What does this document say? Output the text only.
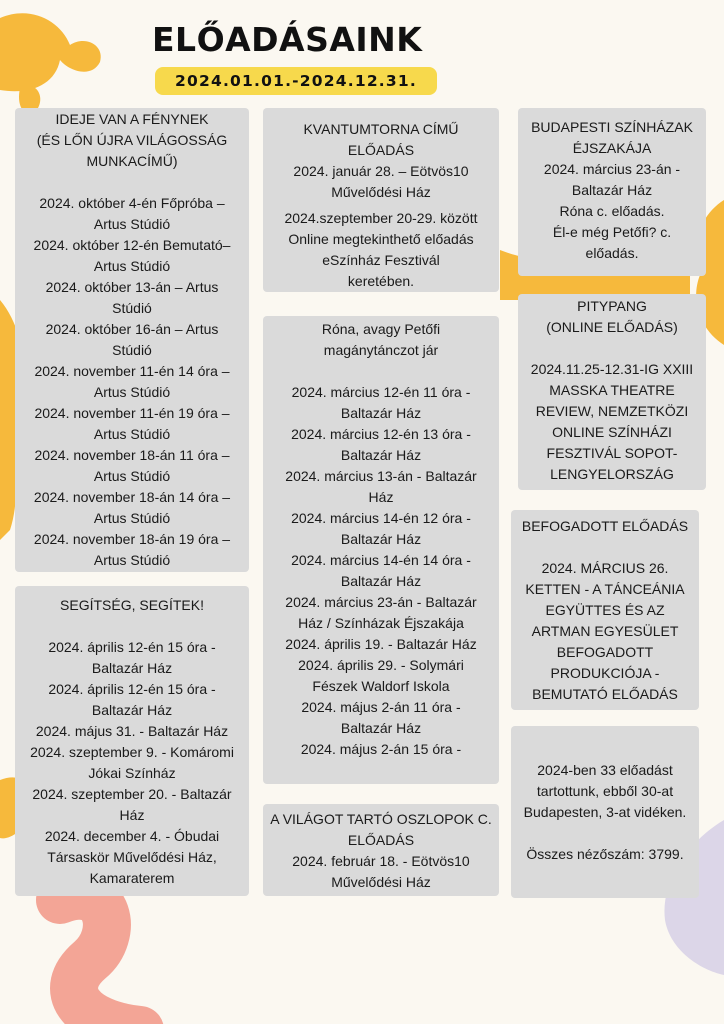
ELŐADÁSAINK
2024.01.01.-2024.12.31.

IDEJE VAN A FÉNYNEK

(ÉS LŐN ÚJRA VILÁGOSSÁG

MUNKACÍMŰ)

2024. október 4-én Főpróba –

Artus Stúdió

2024. október 12-én Bemutató–

Artus Stúdió

2024. október 13-án – Artus

Stúdió

2024. október 16-án – Artus

Stúdió

2024. november 11-én 14 óra –

Artus Stúdió

2024. november 11-én 19 óra –

Artus Stúdió

2024. november 18-án 11 óra –

Artus Stúdió

2024. november 18-án 14 óra –

Artus Stúdió

2024. november 18-án 19 óra –

Artus Stúdió

SEGÍTSÉG, SEGÍTEK!

2024. április 12-én 15 óra -

Baltazár Ház

2024. április 12-én 15 óra -

Baltazár Ház

2024. május 31. - Baltazár Ház

2024. szeptember 9. - Komáromi

Jókai Színház

2024. szeptember 20. - Baltazár

Ház

2024. december 4. - Óbudai

Társaskör Művelődési Ház,

Kamaraterem

KVANTUMTORNA CÍMŰ ELŐADÁS

2024. január 28. – Eötvös10

Művelődési Ház

2024.szeptember 20-29. között

Online megtekinthető előadás

eSzínház Fesztivál

keretében.

Róna, avagy Petőfi

magánytánczot jár

2024. március 12-én 11 óra -

Baltazár Ház

2024. március 12-én 13 óra -

Baltazár Ház

2024. március 13-án - Baltazár

Ház

2024. március 14-én 12 óra -

Baltazár Ház

2024. március 14-én 14 óra -

Baltazár Ház

2024. március 23-án - Baltazár

Ház / Színházak Éjszakája

2024. április 19. - Baltazár Ház

2024. április 29. - Solymári

Fészek Waldorf Iskola

2024. május 2-án 11 óra -

Baltazár Ház

2024. május 2-án 15 óra -

A VILÁGOT TARTÓ OSZLOPOK C.

ELŐADÁS

2024. február 18. - Eötvös10

Művelődési Ház

BUDAPESTI SZÍNHÁZAK

ÉJSZAKÁJA

2024. március 23-án -

Baltazár Ház

Róna c. előadás.

Él-e még Petőfi? c.

előadás.

PITYPANG

(ONLINE ELŐADÁS)

2024.11.25-12.31-IG XXIII

MASSKA THEATRE

REVIEW, NEMZETKÖZI

ONLINE SZÍNHÁZI

FESZTIVÁL SOPOT-

LENGYELORSZÁG

BEFOGADOTT ELŐADÁS

2024. MÁRCIUS 26.

KETTEN - A TÁNCEÁNIA

EGYÜTTES ÉS AZ

ARTMAN EGYESÜLET

BEFOGADOTT

PRODUKCIÓJA -

BEMUTATÓ ELŐADÁS

2024-ben 33 előadást

tartottunk, ebből 30-at

Budapesten, 3-at vidéken.

Összes nézőszám: 3799.
